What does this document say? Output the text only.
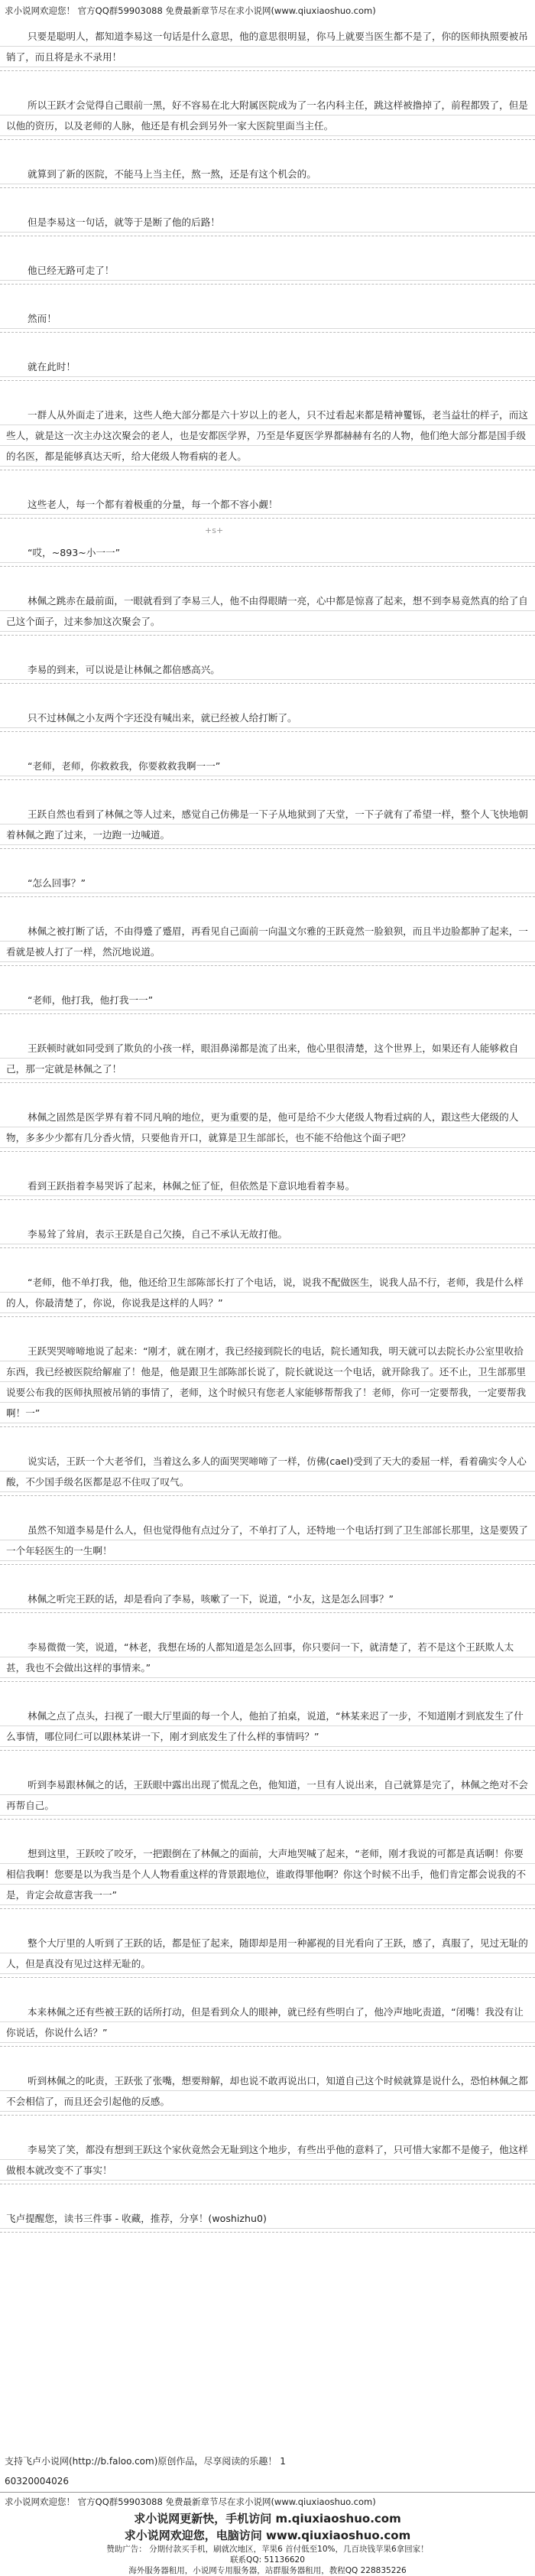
求小说网欢迎您！ 官方QQ群59903088 免费最新章节尽在求小说网(www.qiuxiaoshuo.com)

只要是聪明人，都知道李易这一句话是什么意思，他的意思很明显，你马上就要当医生都不是了，你的医师执照要被吊销了，而且将是永不录用！

所以王跃才会觉得自己眼前一黑，好不容易在北大附属医院成为了一名内科主任，跳这样被撸掉了，前程都毁了，但是以他的资历，以及老师的人脉，他还是有机会到另外一家大医院里面当主任。

就算到了新的医院，不能马上当主任，熬一熬，还是有这个机会的。

但是李易这一句话，就等于是断了他的后路！

他已经无路可走了！

然而！

就在此时！

一群人从外面走了进来，这些人绝大部分都是六十岁以上的老人，只不过看起来都是精神矍铄，老当益壮的样子，而这些人，就是这一次主办这次聚会的老人，也是安都医学界，乃至是华夏医学界都赫赫有名的人物，他们绝大部分都是国手级的名医，都是能够真达天听，给大佬级人物看病的老人。

这些老人，每一个都有着极重的分量，每一个都不容小觑！

“哎，~893~小一一”

林佩之跳赤在最前面，一眼就看到了李易三人，他不由得眼睛一亮，心中都是惊喜了起来，想不到李易竟然真的给了自己这个面子，过来参加这次聚会了。

李易的到来，可以说是让林佩之都倍感高兴。

只不过林佩之小友两个字还没有喊出来，就已经被人给打断了。

“老师，老师，你救救我，你要救救我啊一一”

王跃自然也看到了林佩之等人过来，感觉自己仿佛是一下子从地狱到了天堂，一下子就有了希望一样，整个人飞快地朝着林佩之跑了过来，一边跑一边喊道。

“怎么回事？”

林佩之被打断了话，不由得蹙了蹙眉，再看见自己面前一向温文尔雅的王跃竟然一脸狼狈，而且半边脸都肿了起来，一看就是被人打了一样，然沉地说道。

“老师，他打我，他打我一一”

王跃顿时就如同受到了欺负的小孩一样，眼泪鼻涕都是流了出来，他心里很清楚，这个世界上，如果还有人能够救自己，那一定就是林佩之了！

林佩之固然是医学界有着不同凡响的地位，更为重要的是，他可是给不少大佬级人物看过病的人，跟这些大佬级的人物，多多少少都有几分香火情，只要他肯开口，就算是卫生部部长，也不能不给他这个面子吧？

看到王跃指着李易哭诉了起来，林佩之怔了怔，但依然是下意识地看着李易。

李易耸了耸肩，表示王跃是自己欠揍，自己不承认无故打他。

“老师，他不单打我，他，他还给卫生部陈部长打了个电话，说，说我不配做医生，说我人品不行，老师，我是什么样的人，你最清楚了，你说，你说我是这样的人吗？”

王跃哭哭啼啼地说了起来：“刚才，就在刚才，我已经接到院长的电话，院长通知我，明天就可以去院长办公室里收拾东西，我已经被医院给解雇了！他是，他是跟卫生部陈部长说了，院长就说这一个电话，就开除我了。还不止，卫生部那里说要公布我的医师执照被吊销的事情了，老师，这个时候只有您老人家能够帮帮我了！老师，你可一定要帮我，一定要帮我啊！一”

说实话，王跃一个大老爷们，当着这么多人的面哭哭啼啼了一样，仿佛(cael)受到了天大的委屈一样，看着确实令人心酸，不少国手级名医都是忍不住叹了叹气。

虽然不知道李易是什么人，但也觉得他有点过分了，不单打了人，还特地一个电话打到了卫生部部长那里，这是要毁了一个年轻医生的一生啊！

林佩之听完王跃的话，却是看向了李易，咳嗽了一下，说道，“小友，这是怎么回事？”

李易微微一笑，说道，“林老，我想在场的人都知道是怎么回事，你只要问一下，就清楚了，若不是这个王跃欺人太甚，我也不会做出这样的事情来。”

林佩之点了点头，扫视了一眼大厅里面的每一个人，他拍了拍桌，说道，“林某来迟了一步，不知道刚才到底发生了什么事情，哪位同仁可以跟林某讲一下，刚才到底发生了什么样的事情吗？”

听到李易跟林佩之的话，王跃眼中露出出现了慌乱之色，他知道，一旦有人说出来，自己就算是完了，林佩之绝对不会再帮自己。

想到这里，王跃咬了咬牙，一把跟倒在了林佩之的面前，大声地哭喊了起来，“老师，刚才我说的可都是真话啊！你要相信我啊！您要是以为我当是个人人物看重这样的背景跟地位，谁敢得罪他啊？你这个时候不出手，他们肯定都会说我的不是，肯定会故意害我一一”

整个大厅里的人听到了王跃的话，都是怔了起来，随即却是用一种鄙视的目光看向了王跃，感了，真服了，见过无耻的人，但是真没有见过这样无耻的。

本来林佩之还有些被王跃的话所打动，但是看到众人的眼神，就已经有些明白了，他冷声地叱责道，“闭嘴！我没有让你说话，你说什么话？”

听到林佩之的叱责，王跃张了张嘴，想要辩解，却也说不敢再说出口，知道自己这个时候就算是说什么，恐怕林佩之都不会相信了，而且还会引起他的反感。

李易笑了笑，都没有想到王跃这个家伙竟然会无耻到这个地步，有些出乎他的意料了，只可惜大家都不是傻子，他这样做根本就改变不了事实！

飞卢提醒您，读书三件事 - 收藏，推荐，分享！(woshizhu0)

支持飞卢小说网(http://b.faloo.com)原创作品，尽享阅读的乐趣！ 1
60320004026
求小说网欢迎您！ 官方QQ群59903088 免费最新章节尽在求小说网(www.qiuxiaoshuo.com)
求小说网更新快，手机访问 m.qiuxiaoshuo.com
求小说网欢迎您，电脑访问 www.qiuxiaoshuo.com
赞助广告： 分期付款买手机，刷就次地区，苹果6 首付低至10%，几百块钱苹果6拿回家！
联系QQ: 51136620
海外服务器租用，小说网专用服务器，站群服务器租用，教程QQ 228835226
+s+
